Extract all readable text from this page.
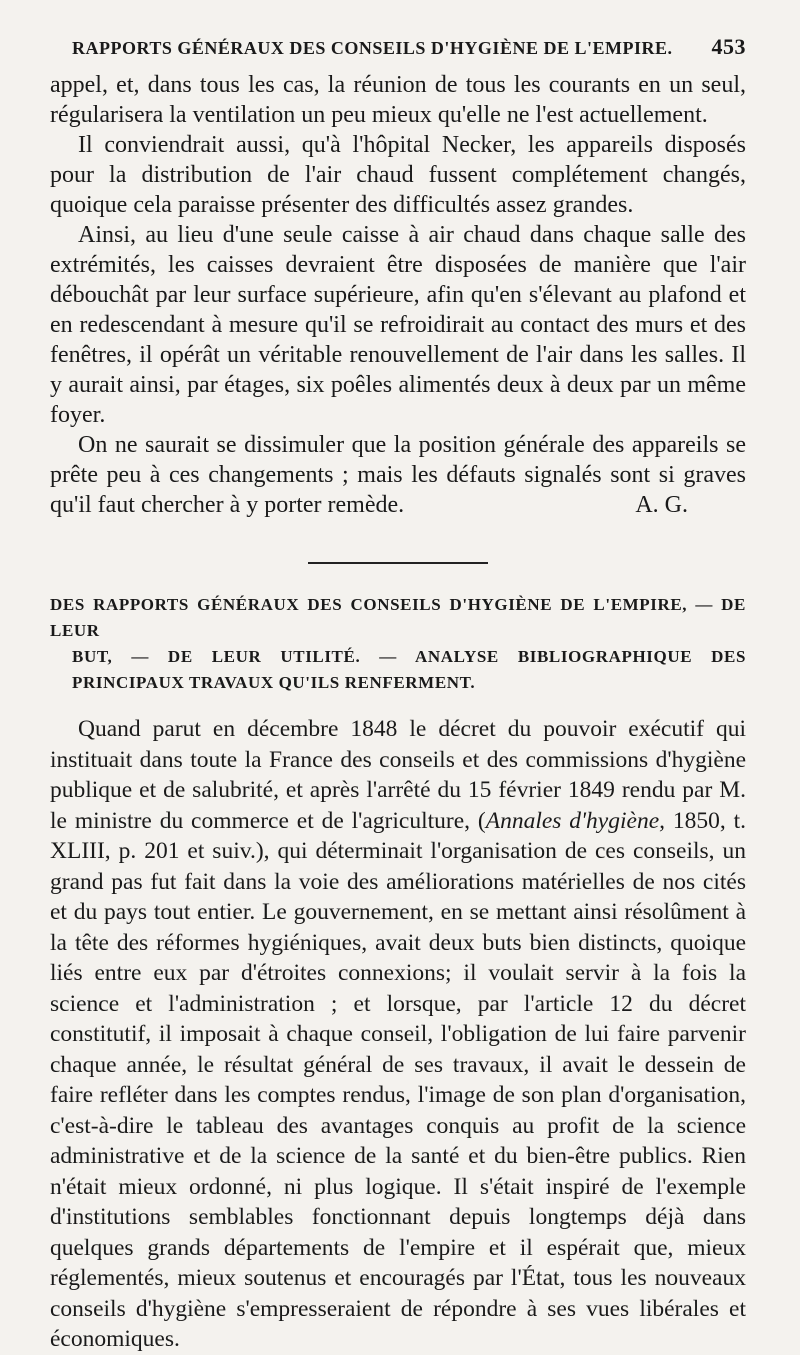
RAPPORTS GÉNÉRAUX DES CONSEILS D'HYGIÈNE DE L'EMPIRE. 453

appel, et, dans tous les cas, la réunion de tous les courants en un seul, régularisera la ventilation un peu mieux qu'elle ne l'est actuellement.

Il conviendrait aussi, qu'à l'hôpital Necker, les appareils disposés pour la distribution de l'air chaud fussent complétement changés, quoique cela paraisse présenter des difficultés assez grandes.

Ainsi, au lieu d'une seule caisse à air chaud dans chaque salle des extrémités, les caisses devraient être disposées de manière que l'air débouchât par leur surface supérieure, afin qu'en s'élevant au plafond et en redescendant à mesure qu'il se refroidirait au contact des murs et des fenêtres, il opérât un véritable renouvellement de l'air dans les salles. Il y aurait ainsi, par étages, six poêles alimentés deux à deux par un même foyer.

On ne saurait se dissimuler que la position générale des appareils se prête peu à ces changements ; mais les défauts signalés sont si graves qu'il faut chercher à y porter remède.	A. G.
DES RAPPORTS GÉNÉRAUX DES CONSEILS D'HYGIÈNE DE L'EMPIRE, — DE LEUR
BUT, — DE LEUR UTILITÉ. — ANALYSE BIBLIOGRAPHIQUE DES PRINCIPAUX TRAVAUX QU'ILS RENFERMENT.

Quand parut en décembre 1848 le décret du pouvoir exécutif qui instituait dans toute la France des conseils et des commissions d'hygiène publique et de salubrité, et après l'arrêté du 15 février 1849 rendu par M. le ministre du commerce et de l'agriculture, (Annales d'hygiène, 1850, t. XLIII, p. 201 et suiv.), qui déterminait l'organisation de ces conseils, un grand pas fut fait dans la voie des améliorations matérielles de nos cités et du pays tout entier. Le gouvernement, en se mettant ainsi résolûment à la tête des réformes hygiéniques, avait deux buts bien distincts, quoique liés entre eux par d'étroites connexions; il voulait servir à la fois la science et l'administration ; et lorsque, par l'article 12 du décret constitutif, il imposait à chaque conseil, l'obligation de lui faire parvenir chaque année, le résultat général de ses travaux, il avait le dessein de faire refléter dans les comptes rendus, l'image de son plan d'organisation, c'est-à-dire le tableau des avantages conquis au profit de la science administrative et de la science de la santé et du bien-être publics. Rien n'était mieux ordonné, ni plus logique. Il s'était inspiré de l'exemple d'institutions semblables fonctionnant depuis longtemps déjà dans quelques grands départements de l'empire et il espérait que, mieux réglementés, mieux soutenus et encouragés par l'État, tous les nouveaux conseils d'hygiène s'empresseraient de répondre à ses vues libérales et économiques.
